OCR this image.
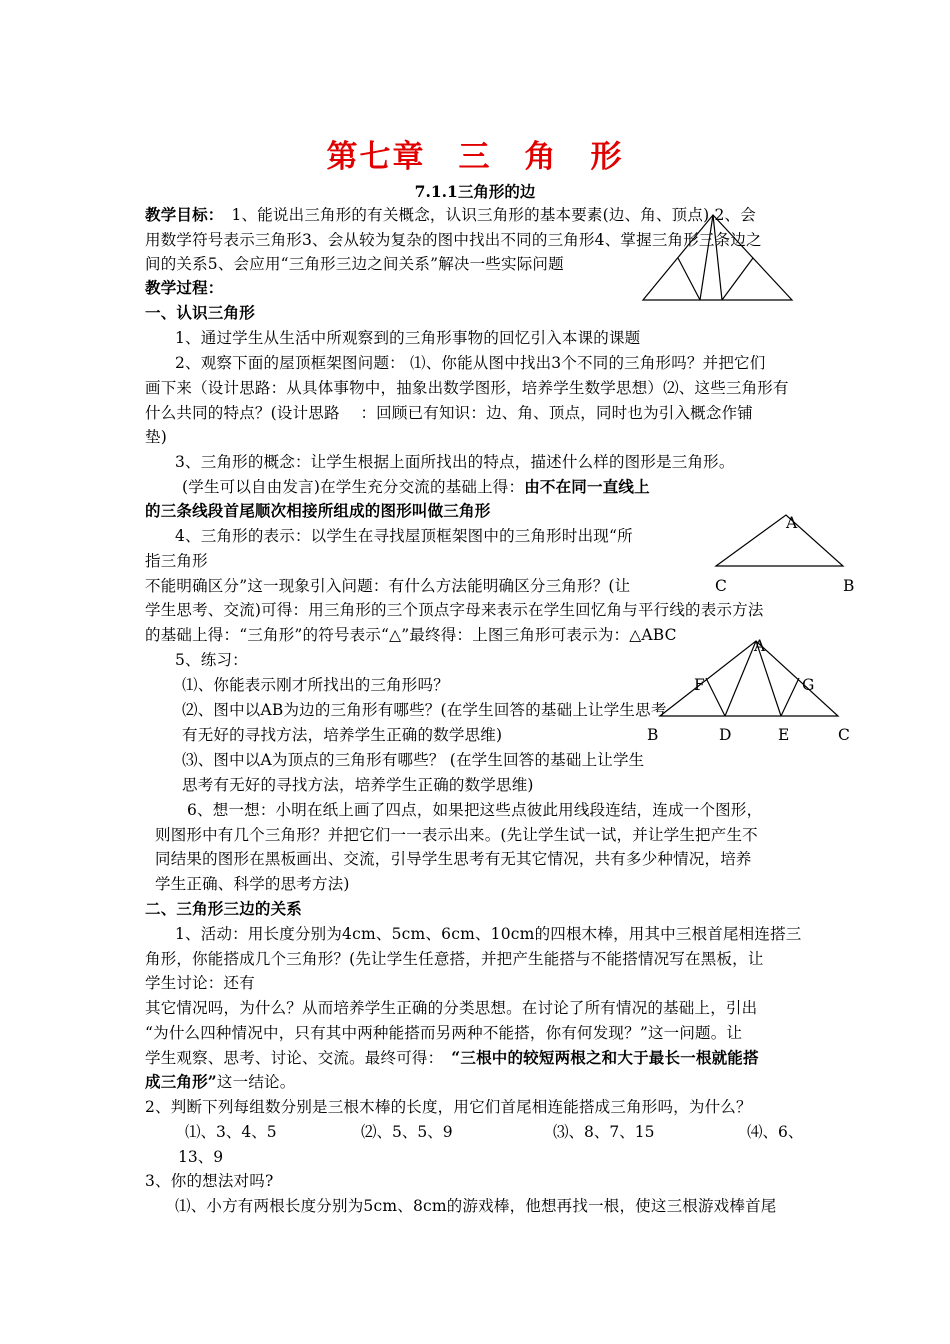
第七章　三　角　形
7.1.1三角形的边
教学目标：　1、能说出三角形的有关概念，认识三角形的基本要素(边、角、顶点) 2、会
用数学符号表示三角形3、会从较为复杂的图中找出不同的三角形4、掌握三角形三条边之
间的关系5、会应用“三角形三边之间关系”解决一些实际问题
教学过程：
一、认识三角形
1、通过学生从生活中所观察到的三角形事物的回忆引入本课的课题
2、观察下面的屋顶框架图问题： ⑴、你能从图中找出3个不同的三角形吗？并把它们
画下来（设计思路：从具体事物中，抽象出数学图形，培养学生数学思想）⑵、这些三角形有
什么共同的特点？(设计思路　 ：回顾已有知识：边、角、顶点，同时也为引入概念作铺
垫)
3、三角形的概念：让学生根据上面所找出的特点，描述什么样的图形是三角形。
(学生可以自由发言)在学生充分交流的基础上得：由不在同一直线上
的三条线段首尾顺次相接所组成的图形叫做三角形
A
C	B
4、三角形的表示：以学生在寻找屋顶框架图中的三角形时出现“所
指三角形
不能明确区分”这一现象引入问题：有什么方法能明确区分三角形？(让
学生思考、交流)可得：用三角形的三个顶点字母来表示在学生回忆角与平行线的表示方法
的基础上得：“三角形”的符号表示“△”最终得：上图三角形可表示为：△ABC
5、练习：
⑴、你能表示刚才所找出的三角形吗？
⑵、图中以AB为边的三角形有哪些？(在学生回答的基础上让学生思考
A
F	G
B	D	E	C
有无好的寻找方法，培养学生正确的数学思维)
⑶、图中以A为顶点的三角形有哪些？ (在学生回答的基础上让学生
思考有无好的寻找方法，培养学生正确的数学思维)
6、想一想：小明在纸上画了四点，如果把这些点彼此用线段连结，连成一个图形，
则图形中有几个三角形？并把它们一一表示出来。(先让学生试一试，并让学生把产生不
同结果的图形在黑板画出、交流，引导学生思考有无其它情况，共有多少种情况，培养
学生正确、科学的思考方法)
二、三角形三边的关系
1、活动：用长度分别为4cm、5cm、6cm、10cm的四根木棒，用其中三根首尾相连搭三
角形，你能搭成几个三角形？(先让学生任意搭，并把产生能搭与不能搭情况写在黑板，让
学生讨论：还有
其它情况吗，为什么？从而培养学生正确的分类思想。在讨论了所有情况的基础上，引出
“为什么四种情况中，只有其中两种能搭而另两种不能搭，你有何发现？”这一问题。让
学生观察、思考、讨论、交流。最终可得：　“三根中的较短两根之和大于最长一根就能搭
成三角形”这一结论。
2、判断下列每组数分别是三根木棒的长度，用它们首尾相连能搭成三角形吗，为什么？
⑴、3、4、5	⑵、5、5、9	⑶、8、7、15	⑷、6、
13、9
3、你的想法对吗?
⑴、小方有两根长度分别为5cm、8cm的游戏棒，他想再找一根，使这三根游戏棒首尾
